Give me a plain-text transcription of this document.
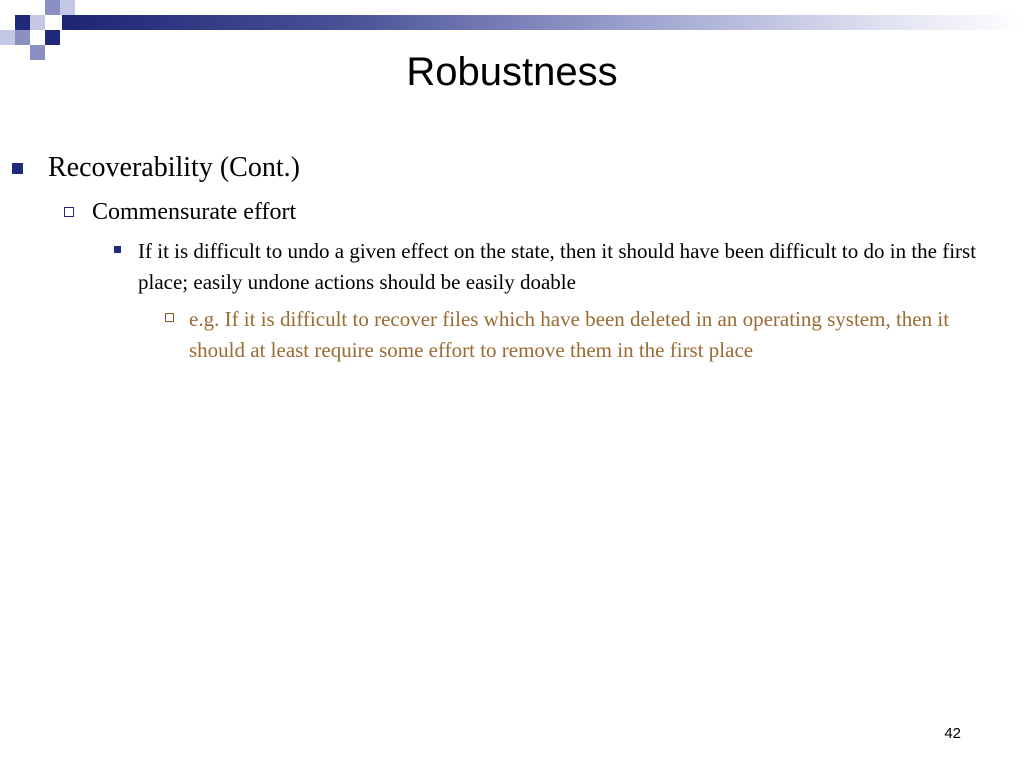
Robustness
Recoverability (Cont.)
Commensurate effort
If it is difficult to undo a given effect on the state, then it should have been difficult to do in the first place; easily undone actions should be easily doable
e.g. If it is difficult to recover files which have been deleted in an operating system, then it should at least require some effort to remove them in the first place
42
